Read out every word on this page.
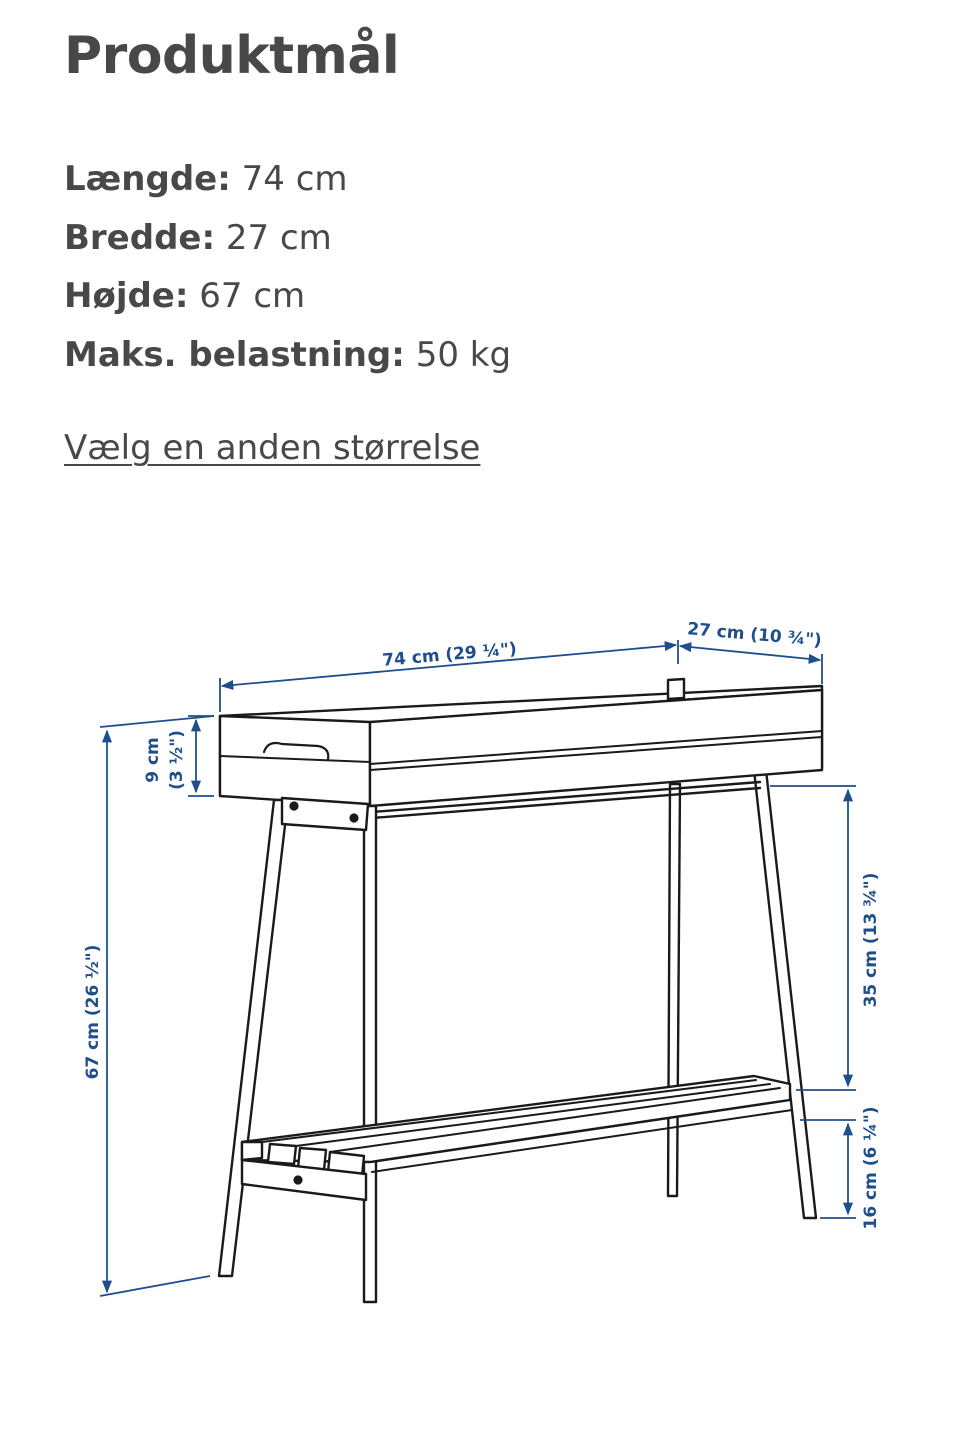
Produktmål
Længde: 74 cm
Bredde: 27 cm
Højde: 67 cm
Maks. belastning: 50 kg
Vælg en anden størrelse
74 cm (29 ¼")
27 cm (10 ¾")
9 cm (3 ½")
67 cm (26 ½")
35 cm (13 ¾")
16 cm (6 ¼")
